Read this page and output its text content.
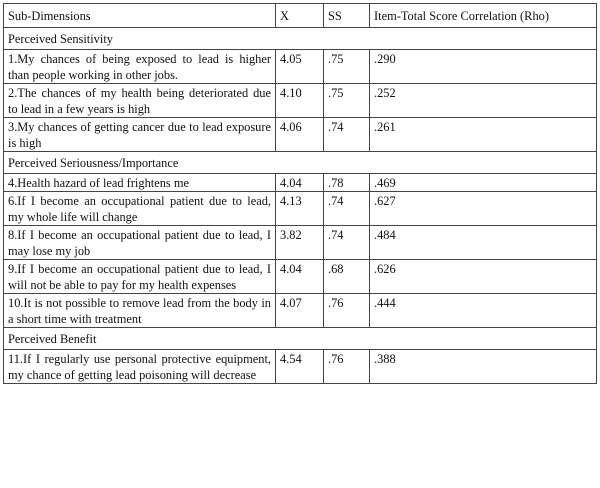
Sub-Dimensions	X	SS	Item-Total Score Correlation (Rho)
Perceived Sensitivity			
1.My chances of being exposed to lead is higher than people working in other jobs.	4.05	.75	.290
2.The chances of my health being deteriorated due to lead in a few years is high	4.10	.75	.252
3.My chances of getting cancer due to lead exposure is high	4.06	.74	.261
Perceived Seriousness/Importance			
4.Health hazard of lead frightens me	4.04	.78	.469
6.If I become an occupational patient due to lead, my whole life will change	4.13	.74	.627
8.If I become an occupational patient due to lead, I may lose my job	3.82	.74	.484
9.If I become an occupational patient due to lead, I will not be able to pay for my health expenses	4.04	.68	.626
10.It is not possible to remove lead from the body in a short time with treatment	4.07	.76	.444
Perceived Benefit			
11.If I regularly use personal protective equipment, my chance of getting lead poisoning will decrease	4.54	.76	.388
